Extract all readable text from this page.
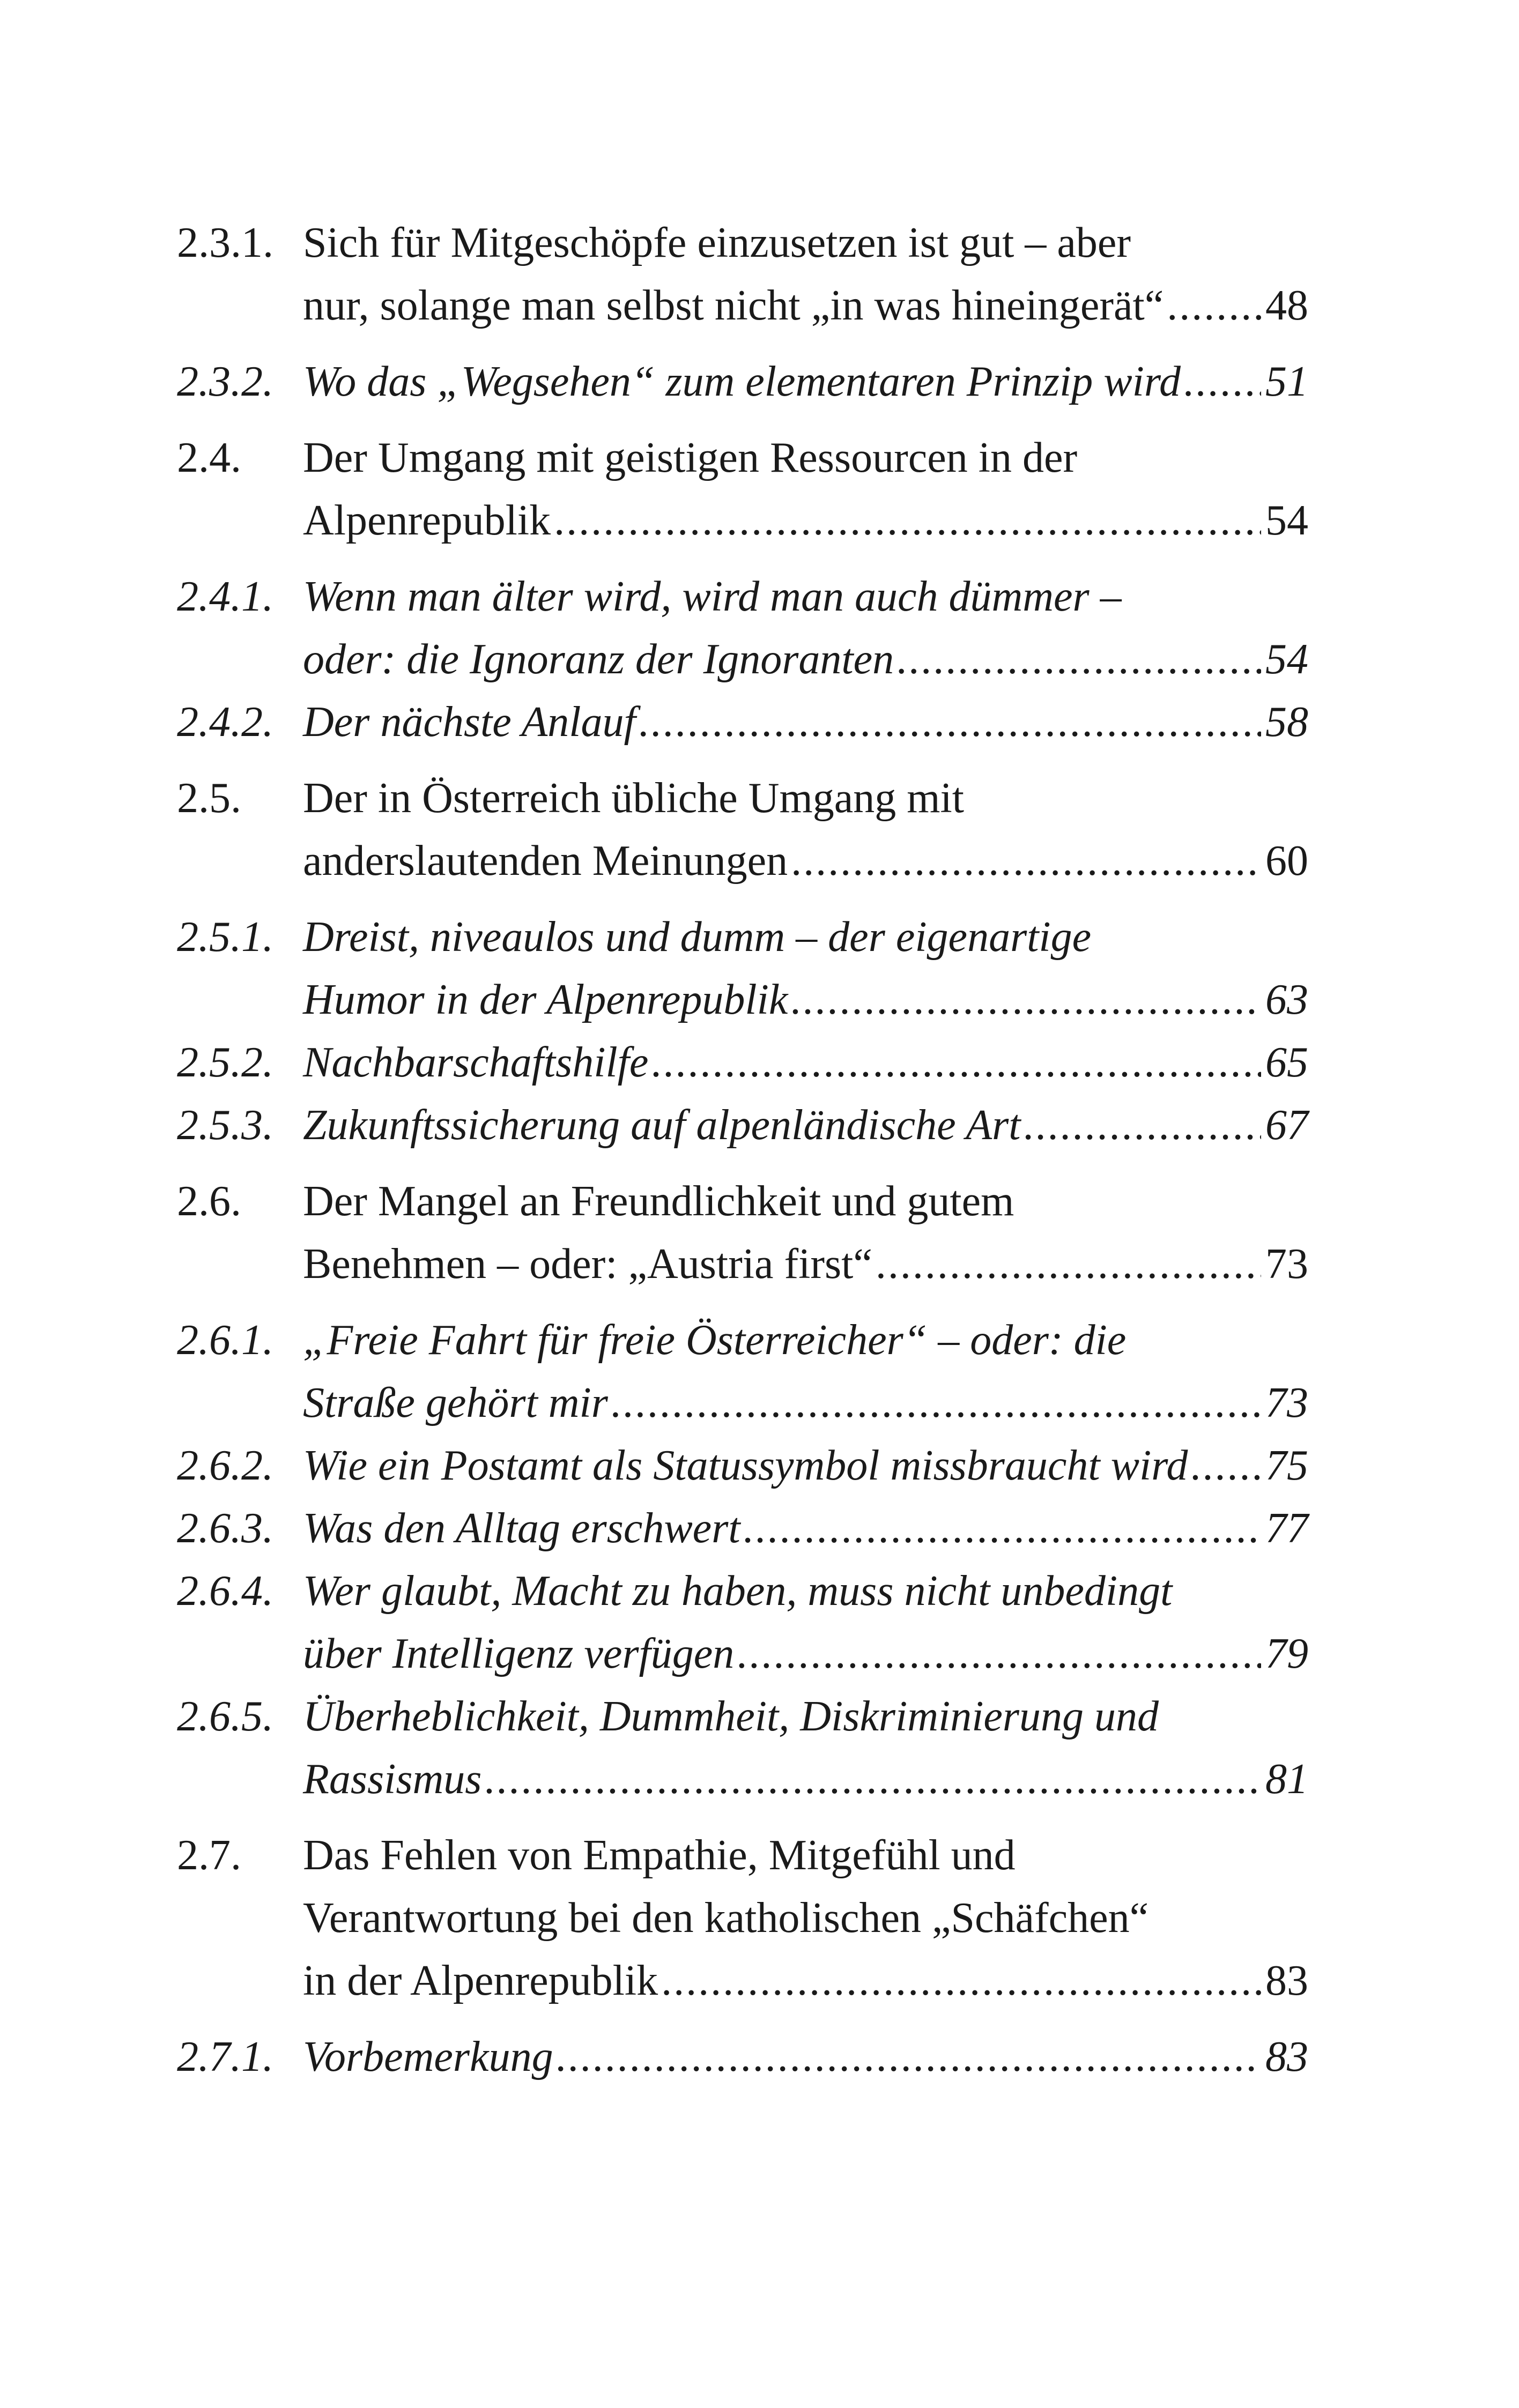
2.3.1. Sich für Mitgeschöpfe einzusetzen ist gut – aber
nur, solange man selbst nicht „in was hineingerät“ ..... 48
2.3.2. Wo das „Wegsehen“ zum elementaren Prinzip wird ..... 51
2.4.	Der Umgang mit geistigen Ressourcen in der
Alpenrepublik .....	54
2.4.1. Wenn man älter wird, wird man auch dümmer –
oder: die Ignoranz der Ignoranten .....	54
2.4.2. Der nächste Anlauf .....	58
2.5.	Der in Österreich übliche Umgang mit
anderslautenden Meinungen .....	60
2.5.1. Dreist, niveaulos und dumm – der eigenartige
Humor in der Alpenrepublik .....	63
2.5.2. Nachbarschaftshilfe .....	65
2.5.3. Zukunftssicherung auf alpenländische Art .....	67
2.6.	Der Mangel an Freundlichkeit und gutem
Benehmen – oder: „Austria first“ .....	73
2.6.1. „Freie Fahrt für freie Österreicher“ – oder: die
Straße gehört mir .....	73
2.6.2. Wie ein Postamt als Statussymbol missbraucht wird ..... 75
2.6.3. Was den Alltag erschwert .....	77
2.6.4. Wer glaubt, Macht zu haben, muss nicht unbedingt
über Intelligenz verfügen .....	79
2.6.5. Überheblichkeit, Dummheit, Diskriminierung und
Rassismus .....	81
2.7.	Das Fehlen von Empathie, Mitgefühl und
Verantwortung bei den katholischen „Schäfchen“
in der Alpenrepublik .....	83
2.7.1. Vorbemerkung .....	83
